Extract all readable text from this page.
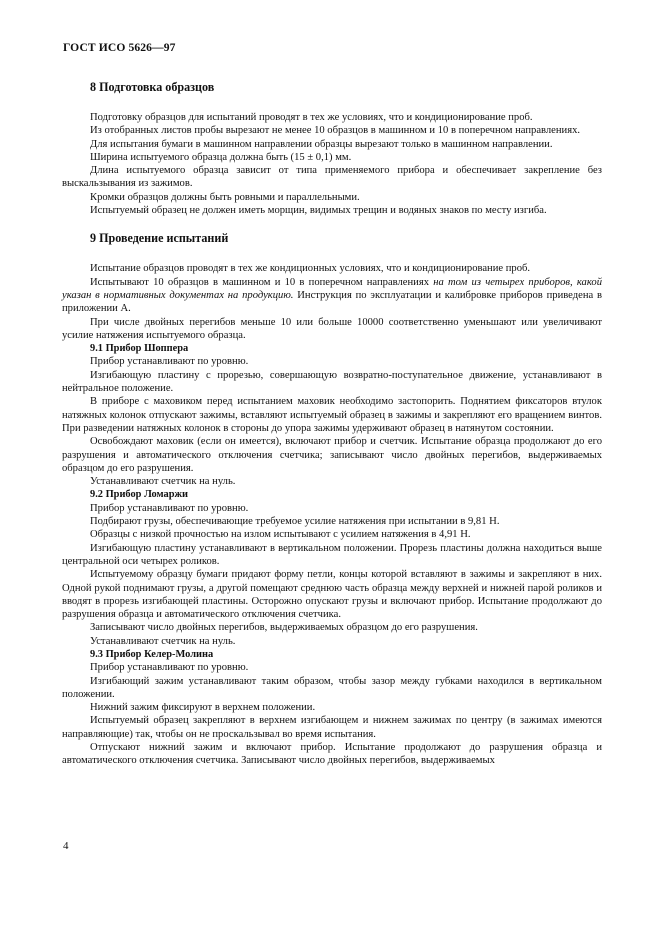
ГОСТ ИСО 5626—97
8 Подготовка образцов

Подготовку образцов для испытаний проводят в тех же условиях, что и кондиционирование проб.

Из отобранных листов пробы вырезают не менее 10 образцов в машинном и 10 в поперечном направлениях.

Для испытания бумаги в машинном направлении образцы вырезают только в машинном направлении.

Ширина испытуемого образца должна быть (15 ± 0,1) мм.

Длина испытуемого образца зависит от типа применяемого прибора и обеспечивает закрепление без выскальзывания из зажимов.

Кромки образцов должны быть ровными и параллельными.

Испытуемый образец не должен иметь морщин, видимых трещин и водяных знаков по месту изгиба.

9 Проведение испытаний

Испытание образцов проводят в тех же кондиционных условиях, что и кондиционирование проб.

Испытывают 10 образцов в машинном и 10 в поперечном направлениях на том из четырех приборов, какой указан в нормативных документах на продукцию. Инструкция по эксплуатации и калибровке приборов приведена в приложении А.

При числе двойных перегибов меньше 10 или больше 10000 соответственно уменьшают или увеличивают усилие натяжения испытуемого образца.

9.1 Прибор Шоппера

Прибор устанавливают по уровню.

Изгибающую пластину с прорезью, совершающую возвратно-поступательное движение, устанавливают в нейтральное положение.

В приборе с маховиком перед испытанием маховик необходимо застопорить. Поднятием фиксаторов втулок натяжных колонок отпускают зажимы, вставляют испытуемый образец в зажимы и закрепляют его вращением винтов. При разведении натяжных колонок в стороны до упора зажимы удерживают образец в натянутом состоянии.

Освобождают маховик (если он имеется), включают прибор и счетчик. Испытание образца продолжают до его разрушения и автоматического отключения счетчика; записывают число двойных перегибов, выдерживаемых образцом до его разрушения.

Устанавливают счетчик на нуль.

9.2 Прибор Ломаржи

Прибор устанавливают по уровню.

Подбирают грузы, обеспечивающие требуемое усилие натяжения при испытании в 9,81 Н.

Образцы с низкой прочностью на излом испытывают с усилием натяжения в 4,91 Н.

Изгибающую пластину устанавливают в вертикальном положении. Прорезь пластины должна находиться выше центральной оси четырех роликов.

Испытуемому образцу бумаги придают форму петли, концы которой вставляют в зажимы и закрепляют в них. Одной рукой поднимают грузы, а другой помещают среднюю часть образца между верхней и нижней парой роликов и вводят в прорезь изгибающей пластины. Осторожно опускают грузы и включают прибор. Испытание продолжают до разрушения образца и автоматического отключения счетчика.

Записывают число двойных перегибов, выдерживаемых образцом до его разрушения.

Устанавливают счетчик на нуль.

9.3 Прибор Келер-Молина

Прибор устанавливают по уровню.

Изгибающий зажим устанавливают таким образом, чтобы зазор между губками находился в вертикальном положении.

Нижний зажим фиксируют в верхнем положении.

Испытуемый образец закрепляют в верхнем изгибающем и нижнем зажимах по центру (в зажимах имеются направляющие) так, чтобы он не проскальзывал во время испытания.

Отпускают нижний зажим и включают прибор. Испытание продолжают до разрушения образца и автоматического отключения счетчика. Записывают число двойных перегибов, выдерживаемых

4
